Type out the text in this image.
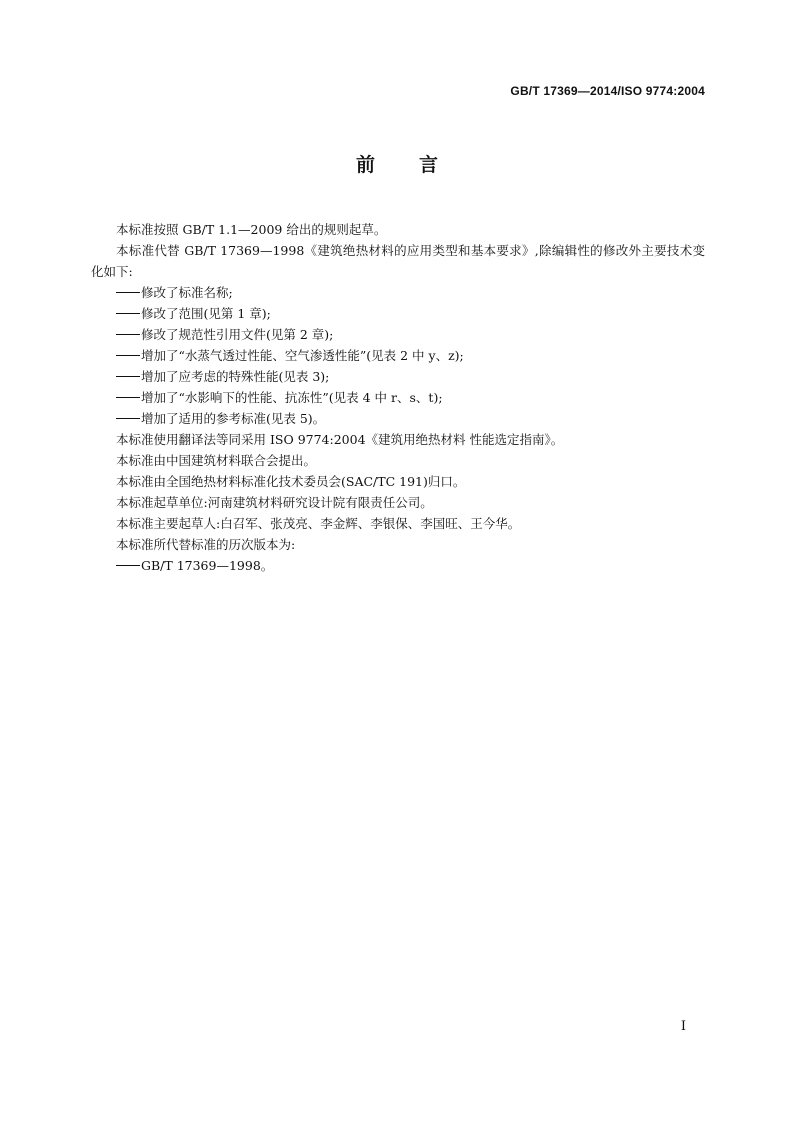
GB/T 17369—2014/ISO 9774:2004
前言

本标准按照 GB/T 1.1—2009 给出的规则起草。

本标准代替 GB/T 17369—1998《建筑绝热材料的应用类型和基本要求》,除编辑性的修改外主要技术变化如下:

修改了标准名称;

修改了范围(见第 1 章);

修改了规范性引用文件(见第 2 章);

增加了“水蒸气透过性能、空气渗透性能”(见表 2 中 y、z);

增加了应考虑的特殊性能(见表 3);

增加了“水影响下的性能、抗冻性”(见表 4 中 r、s、t);

增加了适用的参考标准(见表 5)。

本标准使用翻译法等同采用 ISO 9774:2004《建筑用绝热材料 性能选定指南》。

本标准由中国建筑材料联合会提出。

本标准由全国绝热材料标准化技术委员会(SAC/TC 191)归口。

本标准起草单位:河南建筑材料研究设计院有限责任公司。

本标准主要起草人:白召军、张茂亮、李金辉、李银保、李国旺、王今华。

本标准所代替标准的历次版本为:

GB/T 17369—1998。

I
